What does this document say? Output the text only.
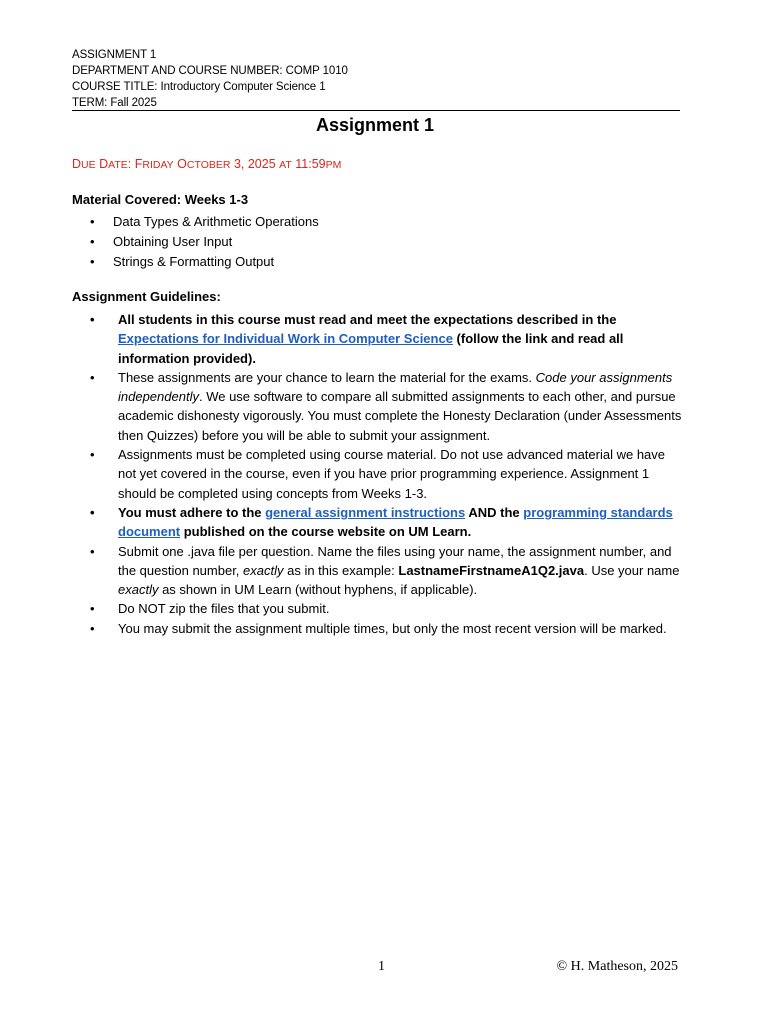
ASSIGNMENT 1
DEPARTMENT AND COURSE NUMBER: COMP 1010
COURSE TITLE: Introductory Computer Science 1
TERM: Fall 2025
Assignment 1
DUE DATE: FRIDAY OCTOBER 3, 2025 AT 11:59PM
Material Covered: Weeks 1-3
• Data Types & Arithmetic Operations
• Obtaining User Input
• Strings & Formatting Output
Assignment Guidelines:
• All students in this course must read and meet the expectations described in the Expectations for Individual Work in Computer Science (follow the link and read all information provided).
• These assignments are your chance to learn the material for the exams. Code your assignments independently. We use software to compare all submitted assignments to each other, and pursue academic dishonesty vigorously. You must complete the Honesty Declaration (under Assessments then Quizzes) before you will be able to submit your assignment.
• Assignments must be completed using course material. Do not use advanced material we have not yet covered in the course, even if you have prior programming experience. Assignment 1 should be completed using concepts from Weeks 1-3.
• You must adhere to the general assignment instructions AND the programming standards document published on the course website on UM Learn.
• Submit one .java file per question. Name the files using your name, the assignment number, and the question number, exactly as in this example: LastnameFirstnameA1Q2.java. Use your name exactly as shown in UM Learn (without hyphens, if applicable).
• Do NOT zip the files that you submit.
• You may submit the assignment multiple times, but only the most recent version will be marked.
1	© H. Matheson, 2025
